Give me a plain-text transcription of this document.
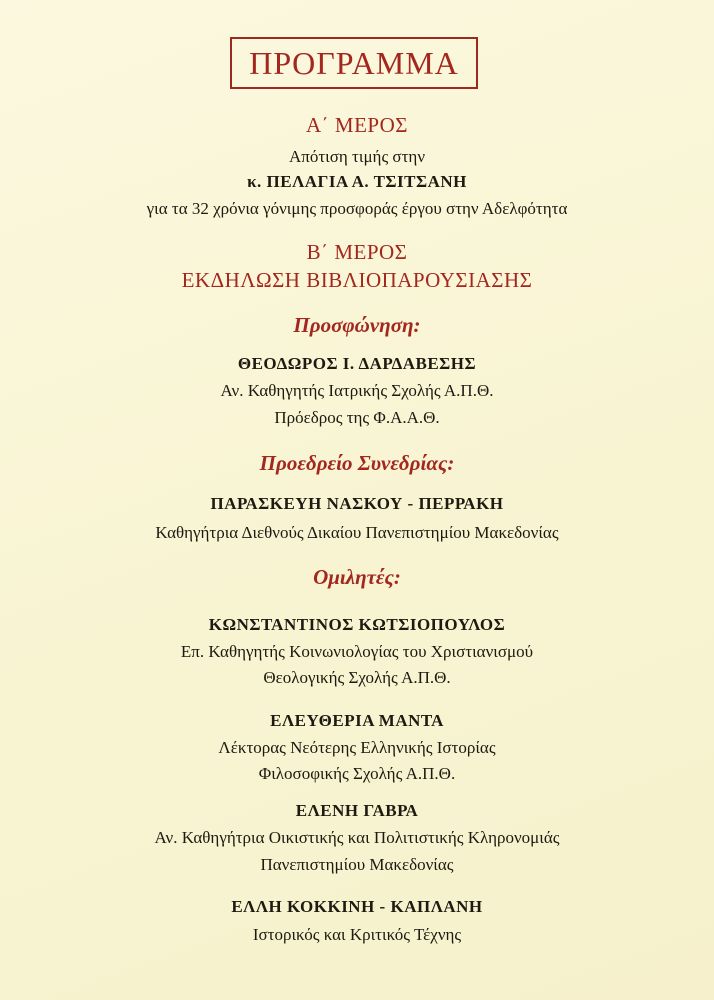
ΠΡΟΓΡΑΜΜΑ
Α΄ ΜΕΡΟΣ
Απότιση τιμής στην
κ. ΠΕΛΑΓΙΑ Α. ΤΣΙΤΣΑΝΗ
για τα 32 χρόνια γόνιμης προσφοράς έργου στην Αδελφότητα
Β΄ ΜΕΡΟΣ
ΕΚΔΗΛΩΣΗ ΒΙΒΛΙΟΠΑΡΟΥΣΙΑΣΗΣ
Προσφώνηση:
ΘΕΟΔΩΡΟΣ Ι. ΔΑΡΔΑΒΕΣΗΣ
Αν. Καθηγητής Ιατρικής Σχολής Α.Π.Θ.
Πρόεδρος της Φ.Α.Α.Θ.
Προεδρείο Συνεδρίας:
ΠΑΡΑΣΚΕΥΗ ΝΑΣΚΟΥ - ΠΕΡΡΑΚΗ
Καθηγήτρια Διεθνούς Δικαίου Πανεπιστημίου Μακεδονίας
Ομιλητές:
ΚΩΝΣΤΑΝΤΙΝΟΣ ΚΩΤΣΙΟΠΟΥΛΟΣ
Επ. Καθηγητής Κοινωνιολογίας του Χριστιανισμού
Θεολογικής Σχολής Α.Π.Θ.
ΕΛΕΥΘΕΡΙΑ ΜΑΝΤΑ
Λέκτορας Νεότερης Ελληνικής Ιστορίας
Φιλοσοφικής Σχολής Α.Π.Θ.
ΕΛΕΝΗ ΓΑΒΡΑ
Αν. Καθηγήτρια Οικιστικής και Πολιτιστικής Κληρονομιάς
Πανεπιστημίου Μακεδονίας
ΕΛΛΗ ΚΟΚΚΙΝΗ - ΚΑΠΛΑΝΗ
Ιστορικός και Κριτικός Τέχνης
